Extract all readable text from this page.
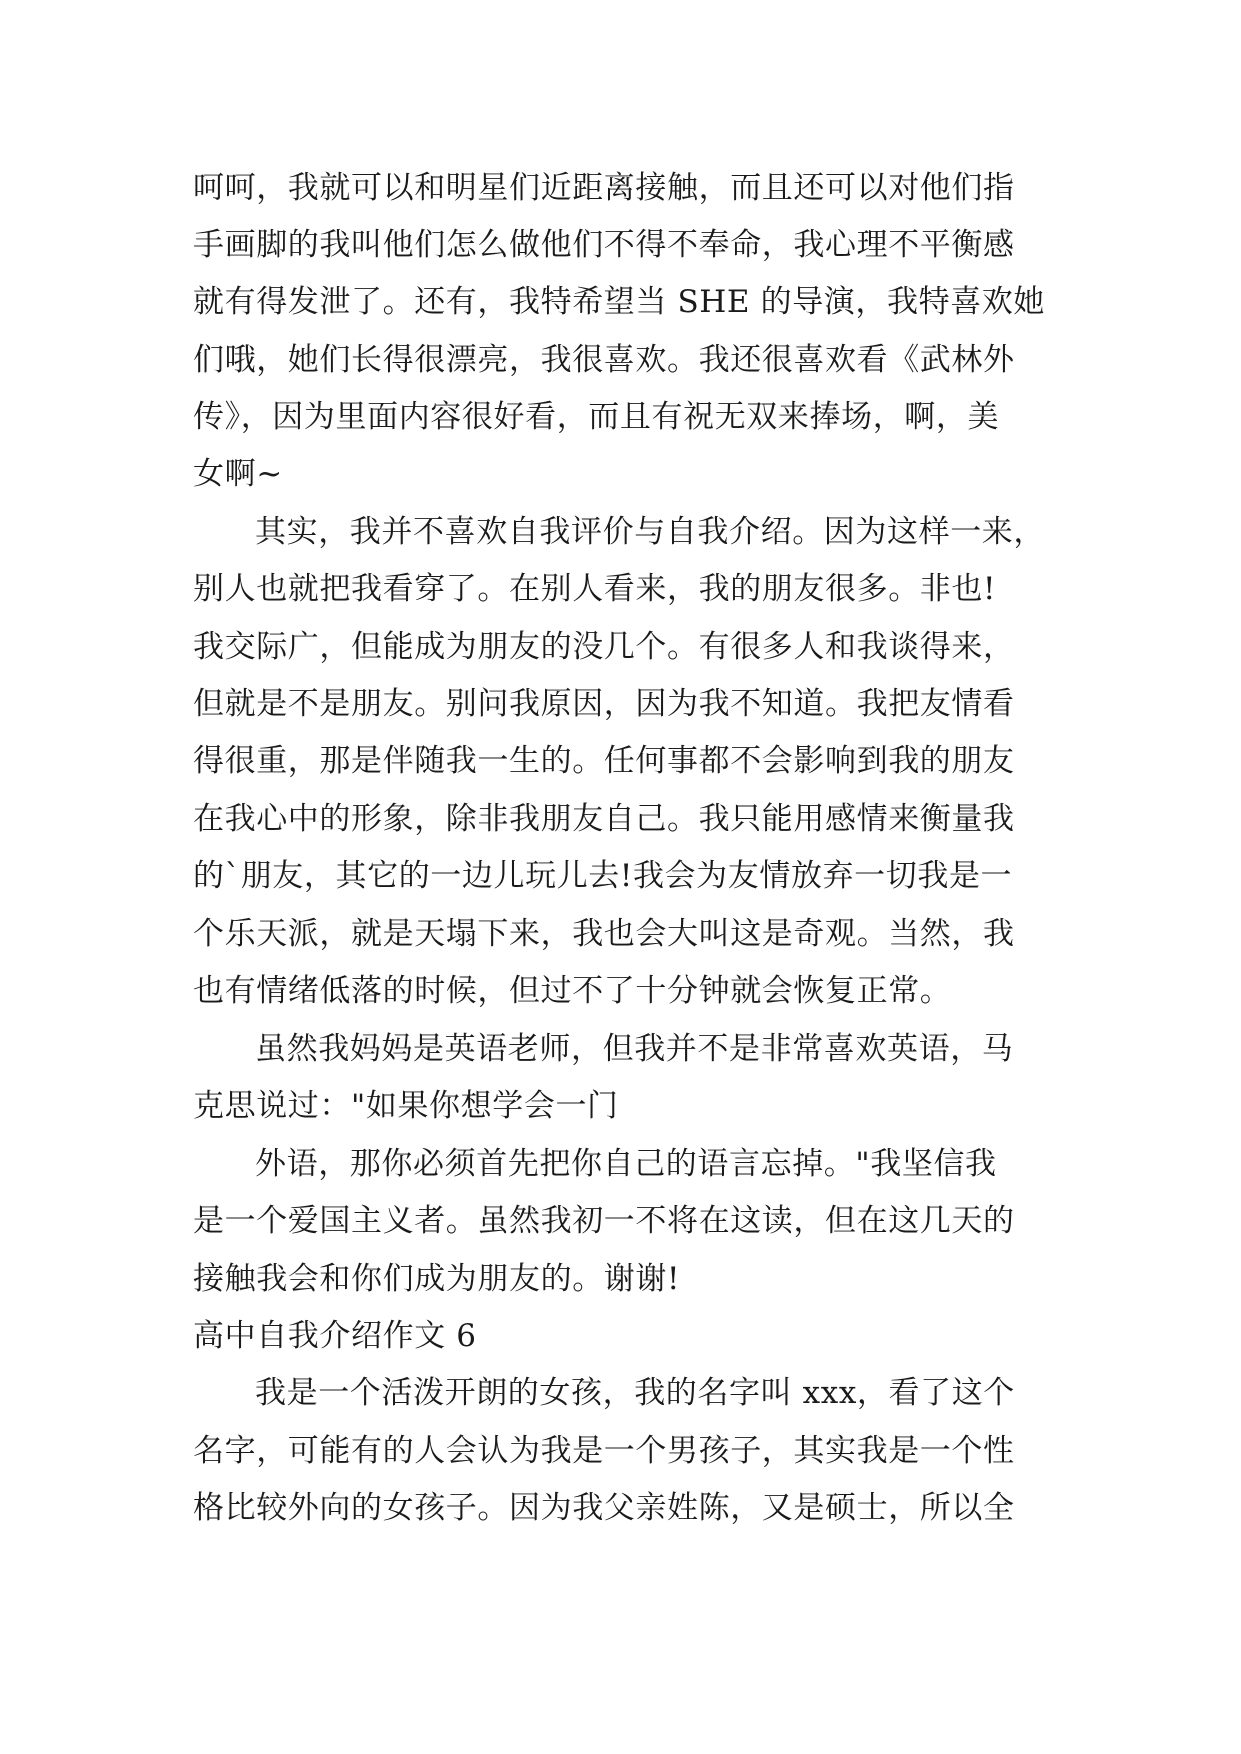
呵呵，我就可以和明星们近距离接触，而且还可以对他们指
手画脚的我叫他们怎么做他们不得不奉命，我心理不平衡感
就有得发泄了。还有，我特希望当 SHE 的导演，我特喜欢她
们哦，她们长得很漂亮，我很喜欢。我还很喜欢看《武林外
传》，因为里面内容很好看，而且有祝无双来捧场，啊，美
女啊~
其实，我并不喜欢自我评价与自我介绍。因为这样一来，
别人也就把我看穿了。在别人看来，我的朋友很多。非也!
我交际广，但能成为朋友的没几个。有很多人和我谈得来，
但就是不是朋友。别问我原因，因为我不知道。我把友情看
得很重，那是伴随我一生的。任何事都不会影响到我的朋友
在我心中的形象，除非我朋友自己。我只能用感情来衡量我
的`朋友，其它的一边儿玩儿去!我会为友情放弃一切我是一
个乐天派，就是天塌下来，我也会大叫这是奇观。当然，我
也有情绪低落的时候，但过不了十分钟就会恢复正常。
虽然我妈妈是英语老师，但我并不是非常喜欢英语，马
克思说过："如果你想学会一门
外语，那你必须首先把你自己的语言忘掉。"我坚信我
是一个爱国主义者。虽然我初一不将在这读，但在这几天的
接触我会和你们成为朋友的。谢谢!
高中自我介绍作文 6
我是一个活泼开朗的女孩，我的名字叫 xxx，看了这个
名字，可能有的人会认为我是一个男孩子，其实我是一个性
格比较外向的女孩子。因为我父亲姓陈，又是硕士，所以全
